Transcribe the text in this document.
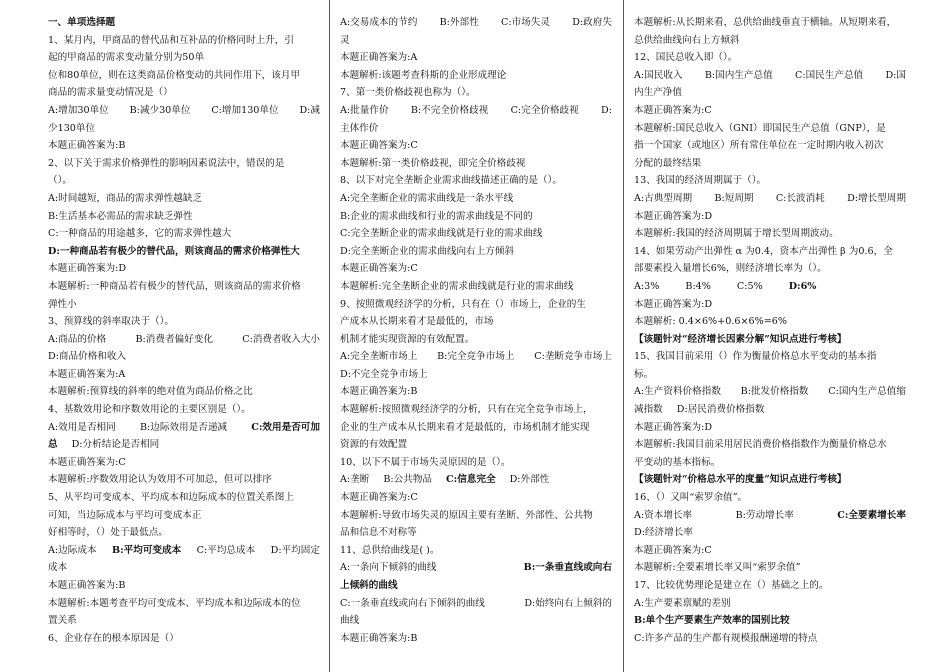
一、单项选择题
1、某月内，甲商品的替代品和互补品的价格同时上升，引
起的甲商品的需求变动量分别为50单
位和80单位，则在这类商品价格变动的共同作用下，该月甲
商品的需求量变动情况是（）
A:增加30单位 B:减少30单位 C:增加130单位 D:减
少130单位
本题正确答案为:B
2、以下关于需求价格弹性的影响因素说法中，错误的是
（）。
A:时间越短，商品的需求弹性越缺乏
B:生活基本必需品的需求缺乏弹性
C:一种商品的用途越多，它的需求弹性越大
D:一种商品若有极少的替代品，则该商品的需求价格弹性大
本题正确答案为:D
本题解析:一种商品若有极少的替代品，则该商品的需求价格
弹性小
3、预算线的斜率取决于（）。
A:商品的价格	B:消费者偏好变化	C:消费者收入大小
D:商品价格和收入
本题正确答案为:A
本题解析:预算线的斜率的绝对值为商品价格之比
4、基数效用论和序数效用论的主要区别是（）。
A:效用是否相同	B:边际效用是否递减	C:效用是否可加
总 D:分析结论是否相同
本题正确答案为:C
本题解析:序数效用论认为效用不可加总，但可以排序
5、从平均可变成本、平均成本和边际成本的位置关系图上
可知，当边际成本与平均可变成本正
好相等时，（）处于最低点。
A:边际成本 B:平均可变成本 C:平均总成本 D:平均固定
成本
本题正确答案为:B
本题解析:本题考查平均可变成本、平均成本和边际成本的位
置关系
6、企业存在的根本原因是（）
A:交易成本的节约 B:外部性 C:市场失灵 D:政府失
灵
本题正确答案为:A
本题解析:该题考查科斯的企业形成理论
7、第一类价格歧视也称为（）。
A:批量作价 B:不完全价格歧视 C:完全价格歧视 D:
主体作价
本题正确答案为:C
本题解析:第一类价格歧视，即完全价格歧视
8、以下对完全垄断企业需求曲线描述正确的是（）。
A:完全垄断企业的需求曲线是一条水平线
B:企业的需求曲线和行业的需求曲线是不同的
C:完全垄断企业的需求曲线就是行业的需求曲线
D:完全垄断企业的需求曲线向右上方倾斜
本题正确答案为:C
本题解析:完全垄断企业的需求曲线就是行业的需求曲线
9、按照微观经济学的分析，只有在（）市场上，企业的生
产成本从长期来看才是最低的，市场
机制才能实现资源的有效配置。
A:完全垄断市场上 B:完全竞争市场上 C:垄断竞争市场上
D:不完全竞争市场上
本题正确答案为:B
本题解析:按照微观经济学的分析，只有在完全竞争市场上，
企业的生产成本从长期来看才是最低的，市场机制才能实现
资源的有效配置
10、以下不属于市场失灵原因的是（）。
A:垄断 B:公共物品 C:信息完全 D:外部性
本题正确答案为:C
本题解析:导致市场失灵的原因主要有垄断、外部性、公共物
品和信息不对称等
11、总供给曲线是( )。
A:一条向下倾斜的曲线	B:一条垂直线或向右
上倾斜的曲线
C:一条垂直线或向右下倾斜的曲线	D:始终向右上倾斜的
曲线
本题正确答案为:B
本题解析:从长期来看，总供给曲线垂直于横轴。从短期来看，
总供给曲线向右上方倾斜
12、国民总收入即（）。
A:国民收入 B:国内生产总值 C:国民生产总值 D:国
内生产净值
本题正确答案为:C
本题解析:国民总收入（GNI）即国民生产总值（GNP），是
指一个国家（或地区）所有常住单位在一定时期内收入初次
分配的最终结果
13、我国的经济周期属于（）。
A:古典型周期 B:短周期 C:长波消耗 D:增长型周期
本题正确答案为:D
本题解析:我国的经济周期属于增长型周期波动。
14、如果劳动产出弹性 α 为0.4，资本产出弹性 β 为0.6，全
部要素投入量增长6%，则经济增长率为（）。
A:3%	B:4%	C:5%	D:6%
本题正确答案为:D
本题解析: 0.4×6%+0.6×6%=6%
【该题针对“经济增长因素分解”知识点进行考核】
15、我国目前采用（）作为衡量价格总水平变动的基本指
标。
A:生产资料价格指数 B:批发价格指数 C:国内生产总值缩
减指数 D:居民消费价格指数
本题正确答案为:D
本题解析:我国目前采用居民消费价格指数作为衡量价格总水
平变动的基本指标。
【该题针对“价格总水平的度量”知识点进行考核】
16、（）又叫“索罗余值”。
A:资本增长率	B:劳动增长率	C:全要素增长率
D:经济增长率
本题正确答案为:C
本题解析:全要素增长率又叫“索罗余值”
17、比较优势理论是建立在（）基础之上的。
A:生产要素禀赋的差别
B:单个生产要素生产效率的国别比较
C:许多产品的生产都有规模报酬递增的特点
